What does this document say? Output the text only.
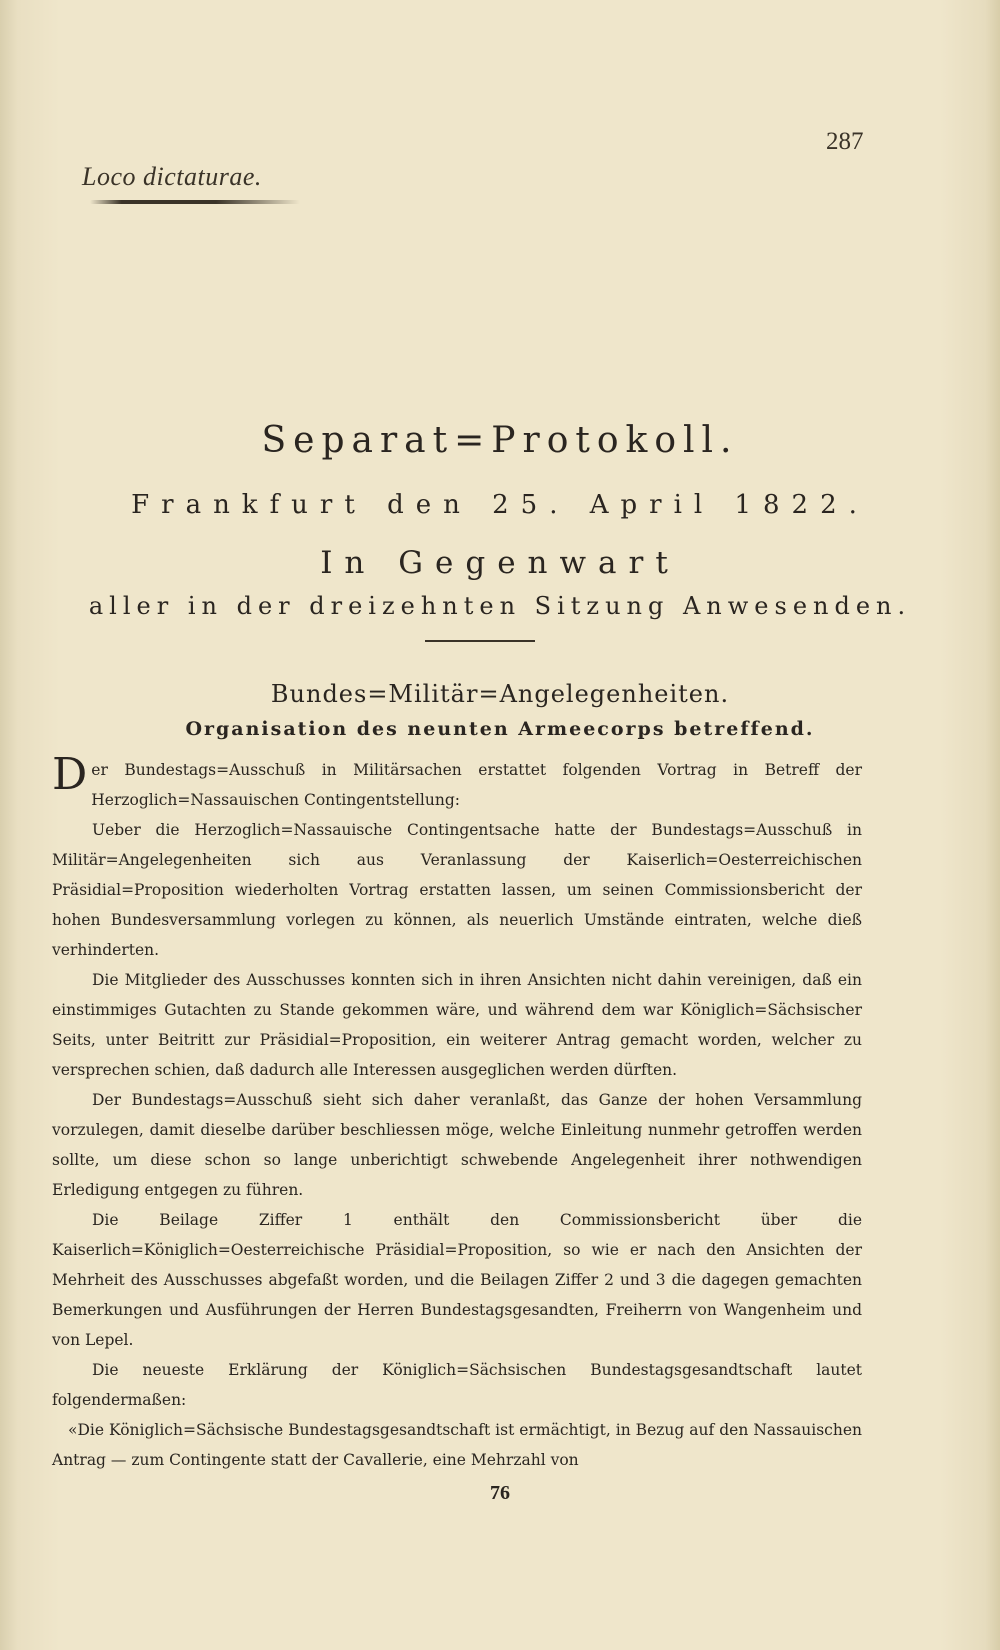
Loco dictaturae.
287
Separat=Protokoll.
Frankfurt den 25. April 1822.
In Gegenwart
aller in der dreizehnten Sitzung Anwesenden.
Bundes=Militär=Angelegenheiten.
Organisation des neunten Armeecorps betreffend.

Der Bundestags=Ausschuß in Militärsachen erstattet folgenden Vortrag in Betreff der Herzoglich=Nassauischen Contingentstellung:

Ueber die Herzoglich=Nassauische Contingentsache hatte der Bundestags=Ausschuß in Militär=Angelegenheiten sich aus Veranlassung der Kaiserlich=Oesterreichischen Präsidial=Proposition wiederholten Vortrag erstatten lassen, um seinen Commissionsbericht der hohen Bundesversammlung vorlegen zu können, als neuerlich Umstände eintraten, welche dieß verhinderten.

Die Mitglieder des Ausschusses konnten sich in ihren Ansichten nicht dahin vereinigen, daß ein einstimmiges Gutachten zu Stande gekommen wäre, und während dem war Königlich=Sächsischer Seits, unter Beitritt zur Präsidial=Proposition, ein weiterer Antrag gemacht worden, welcher zu versprechen schien, daß dadurch alle Interessen ausgeglichen werden dürften.

Der Bundestags=Ausschuß sieht sich daher veranlaßt, das Ganze der hohen Versammlung vorzulegen, damit dieselbe darüber beschliessen möge, welche Einleitung nunmehr getroffen werden sollte, um diese schon so lange unberichtigt schwebende Angelegenheit ihrer nothwendigen Erledigung entgegen zu führen.

Die Beilage Ziffer 1 enthält den Commissionsbericht über die Kaiserlich=Königlich=Oesterreichische Präsidial=Proposition, so wie er nach den Ansichten der Mehrheit des Ausschusses abgefaßt worden, und die Beilagen Ziffer 2 und 3 die dagegen gemachten Bemerkungen und Ausführungen der Herren Bundestagsgesandten, Freiherrn von Wangenheim und von Lepel.

Die neueste Erklärung der Königlich=Sächsischen Bundestagsgesandtschaft lautet folgendermaßen:

«Die Königlich=Sächsische Bundestagsgesandtschaft ist ermächtigt, in Bezug auf den Nassauischen Antrag — zum Contingente statt der Cavallerie, eine Mehrzahl von

76
